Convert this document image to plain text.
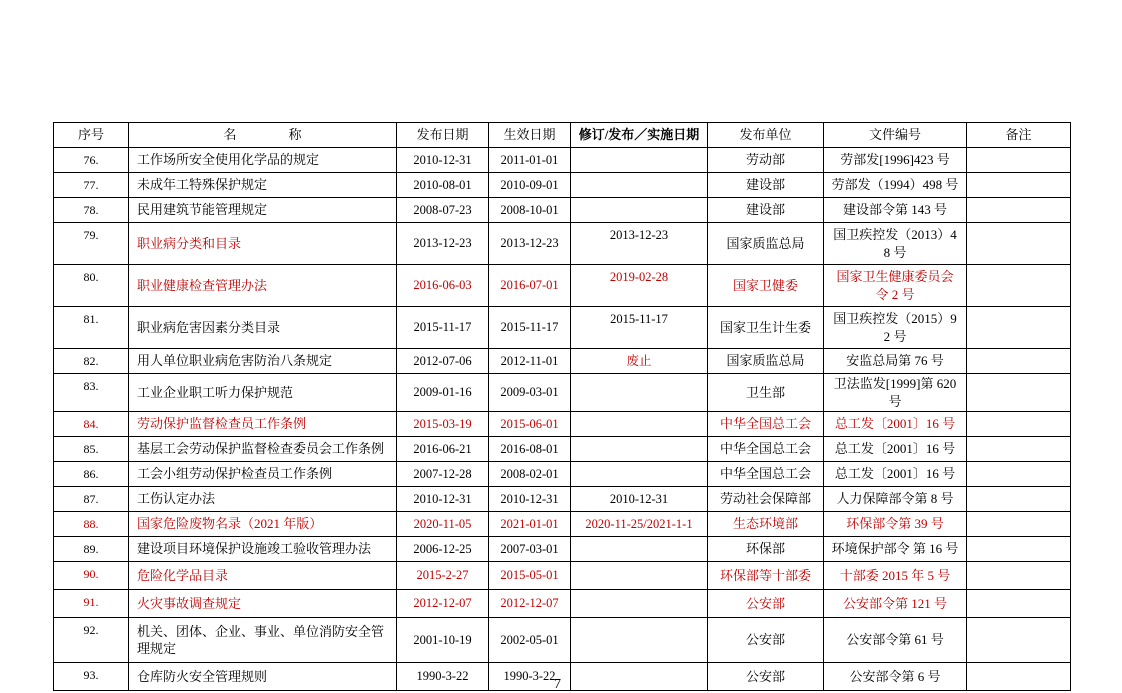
序号	名　　　　称	发布日期	生效日期	修订/发布／实施日期	发布单位	文件编号	备注
76.	工作场所安全使用化学品的规定	2010-12-31	2011-01-01		劳动部	劳部发[1996]423 号	
77.	未成年工特殊保护规定	2010-08-01	2010-09-01		建设部	劳部发（1994）498 号	
78.	民用建筑节能管理规定	2008-07-23	2008-10-01		建设部	建设部令第 143 号	
79.	职业病分类和目录	2013-12-23	2013-12-23	2013-12-23	国家质监总局	国卫疾控发（2013）48 号	
80.	职业健康检查管理办法	2016-06-03	2016-07-01	2019-02-28	国家卫健委	国家卫生健康委员会令 2 号	
81.	职业病危害因素分类目录	2015-11-17	2015-11-17	2015-11-17	国家卫生计生委	国卫疾控发（2015）92 号	
82.	用人单位职业病危害防治八条规定	2012-07-06	2012-11-01	废止	国家质监总局	安监总局第 76 号	
83.	工业企业职工听力保护规范	2009-01-16	2009-03-01		卫生部	卫法监发[1999]第 620 号	
84.	劳动保护监督检查员工作条例	2015-03-19	2015-06-01		中华全国总工会	总工发〔2001〕16 号	
85.	基层工会劳动保护监督检查委员会工作条例	2016-06-21	2016-08-01		中华全国总工会	总工发〔2001〕16 号	
86.	工会小组劳动保护检查员工作条例	2007-12-28	2008-02-01		中华全国总工会	总工发〔2001〕16 号	
87.	工伤认定办法	2010-12-31	2010-12-31	2010-12-31	劳动社会保障部	人力保障部令第 8 号	
88.	国家危险废物名录（2021 年版）	2020-11-05	2021-01-01	2020-11-25/2021-1-1	生态环境部	环保部令第 39 号	
89.	建设项目环境保护设施竣工验收管理办法	2006-12-25	2007-03-01		环保部	环境保护部令 第 16 号	
90.	危险化学品目录	2015-2-27	2015-05-01		环保部等十部委	十部委 2015 年 5 号	
91.	火灾事故调查规定	2012-12-07	2012-12-07		公安部	公安部令第 121 号	
92.	机关、团体、企业、事业、单位消防安全管理规定	2001-10-19	2002-05-01		公安部	公安部令第 61 号	
93.	仓库防火安全管理规则	1990-3-22	1990-3-22		公安部	公安部令第 6 号	
7
